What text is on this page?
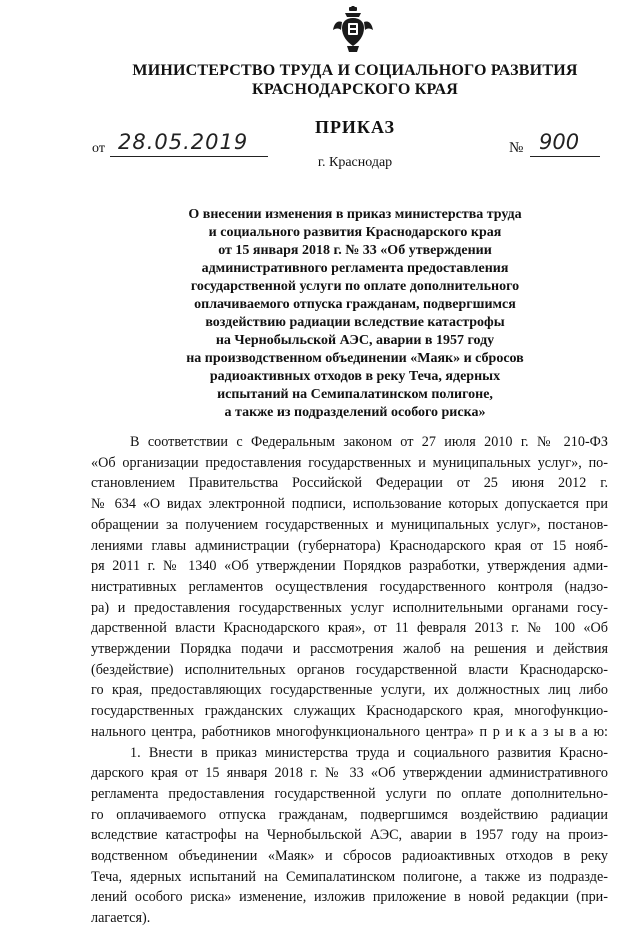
МИНИСТЕРСТВО ТРУДА И СОЦИАЛЬНОГО РАЗВИТИЯ
КРАСНОДАРСКОГО КРАЯ
ПРИКАЗ
от 28.05.2019	№ 900
г. Краснодар
О внесении изменения в приказ министерства труда
и социального развития Краснодарского края
от 15 января 2018 г. № 33 «Об утверждении
административного регламента предоставления
государственной услуги по оплате дополнительного
оплачиваемого отпуска гражданам, подвергшимся
воздействию радиации вследствие катастрофы
на Чернобыльской АЭС, аварии в 1957 году
на производственном объединении «Маяк» и сбросов
радиоактивных отходов в реку Теча, ядерных
испытаний на Семипалатинском полигоне,
а также из подразделений особого риска»
В соответствии с Федеральным законом от 27 июля 2010 г. № 210-ФЗ
«Об организации предоставления государственных и муниципальных услуг», по-
становлением Правительства Российской Федерации от 25 июня 2012 г.
№ 634 «О видах электронной подписи, использование которых допускается при
обращении за получением государственных и муниципальных услуг», постанов-
лениями главы администрации (губернатора) Краснодарского края от 15 нояб-
ря 2011 г. № 1340 «Об утверждении Порядков разработки, утверждения адми-
нистративных регламентов осуществления государственного контроля (надзо-
ра) и предоставления государственных услуг исполнительными органами госу-
дарственной власти Краснодарского края», от 11 февраля 2013 г. № 100 «Об
утверждении Порядка подачи и рассмотрения жалоб на решения и действия
(бездействие) исполнительных органов государственной власти Краснодарско-
го края, предоставляющих государственные услуги, их должностных лиц либо
государственных гражданских служащих Краснодарского края, многофункцио-
нального центра, работников многофункционального центра» п р и к а з ы в а ю:
1. Внести в приказ министерства труда и социального развития Красно-
дарского края от 15 января 2018 г. № 33 «Об утверждении административного
регламента предоставления государственной услуги по оплате дополнительно-
го оплачиваемого отпуска гражданам, подвергшимся воздействию радиации
вследствие катастрофы на Чернобыльской АЭС, аварии в 1957 году на произ-
водственном объединении «Маяк» и сбросов радиоактивных отходов в реку
Теча, ядерных испытаний на Семипалатинском полигоне, а также из подразде-
лений особого риска» изменение, изложив приложение в новой редакции (при-
лагается).
